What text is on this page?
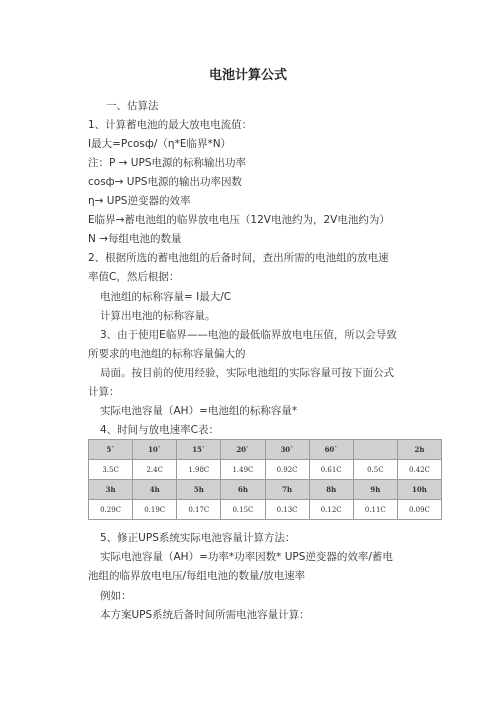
电池计算公式
一、估算法
1、计算蓄电池的最大放电电流值：
I最大=Pcosф/（η*E临界*N）
注：P → UPS电源的标称输出功率
cosф→ UPS电源的输出功率因数
η→ UPS逆变器的效率
E临界→蓄电池组的临界放电电压（12V电池约为，2V电池约为）
N →每组电池的数量
2、根据所选的蓄电池组的后备时间，查出所需的电池组的放电速
率值C，然后根据：
电池组的标称容量= I最大/C
计算出电池的标称容量。
3、由于使用E临界——电池的最低临界放电电压值，所以会导致
所要求的电池组的标称容量偏大的
局面。按目前的使用经验，实际电池组的实际容量可按下面公式
计算：
实际电池容量（AH）=电池组的标称容量*
4、时间与放电速率C表：
5`	10`	15`	20`	30`	60`		2h
3.5C	2.4C	1.98C	1.49C	0.92C	0.61C	0.5C	0.42C
3h	4h	5h	6h	7h	8h	9h	10h
0.29C	0.19C	0.17C	0.15C	0.13C	0.12C	0.11C	0.09C
5、修正UPS系统实际电池容量计算方法：
实际电池容量（AH）=功率*功率因数* UPS逆变器的效率/蓄电
池组的临界放电电压/每组电池的数量/放电速率
例如：
本方案UPS系统后备时间所需电池容量计算：
